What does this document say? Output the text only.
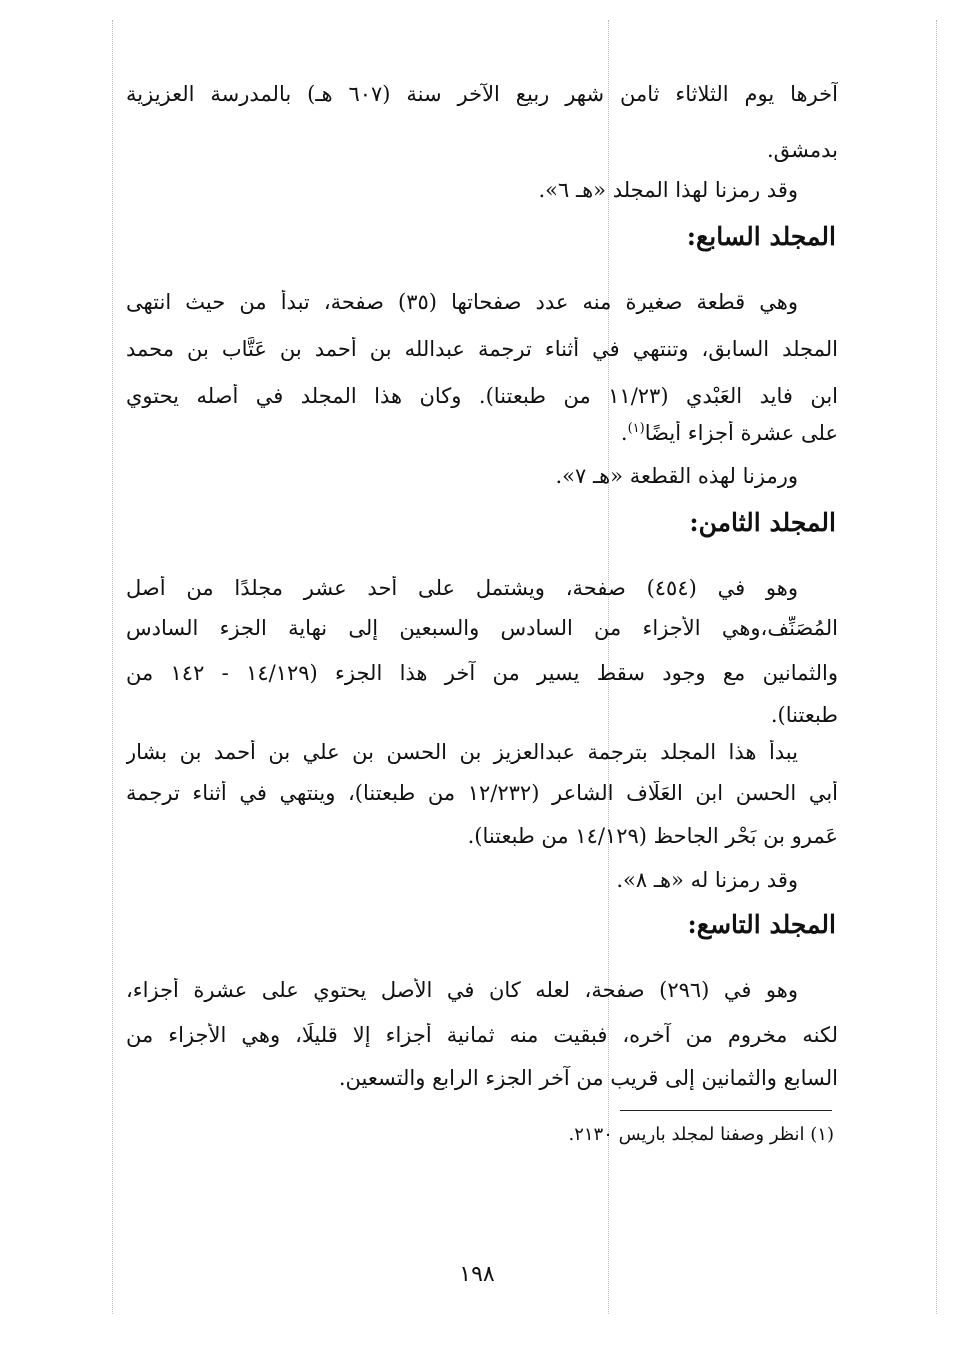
آخرها يوم الثلاثاء ثامن شهر ربيع الآخر سنة (٦٠٧ هـ) بالمدرسة العزيزية
بدمشق.
وقد رمزنا لهذا المجلد «هـ ٦».
المجلد السابع:
وهي قطعة صغيرة منه عدد صفحاتها (٣٥) صفحة، تبدأ من حيث انتهى
المجلد السابق، وتنتهي في أثناء ترجمة عبدالله بن أحمد بن عَتَّاب بن محمد
ابن فايد العَبْدي (١١/٢٣ من طبعتنا). وكان هذا المجلد في أصله يحتوي
على عشرة أجزاء أيضًا$^{(١)}$.
ورمزنا لهذه القطعة «هـ ٧».
المجلد الثامن:
وهو في (٤٥٤) صفحة، ويشتمل على أحد عشر مجلدًا من أصل
المُصَنِّف،وهي الأجزاء من السادس والسبعين إلى نهاية الجزء السادس
والثمانين مع وجود سقط يسير من آخر هذا الجزء (١٤/١٢٩ - ١٤٢ من
طبعتنا).
يبدأ هذا المجلد بترجمة عبدالعزيز بن الحسن بن علي بن أحمد بن بشار
أبي الحسن ابن العَلَّاف الشاعر (١٢/٢٣٢ من طبعتنا)، وينتهي في أثناء ترجمة
عَمرو بن بَحْر الجاحظ (١٤/١٢٩ من طبعتنا).
وقد رمزنا له «هـ ٨».
المجلد التاسع:
وهو في (٢٩٦) صفحة، لعله كان في الأصل يحتوي على عشرة أجزاء،
لكنه مخروم من آخره، فبقيت منه ثمانية أجزاء إلا قليلًا، وهي الأجزاء من
السابع والثمانين إلى قريب من آخر الجزء الرابع والتسعين.
(١) انظر وصفنا لمجلد باريس ٢١٣٠.
١٩٨
